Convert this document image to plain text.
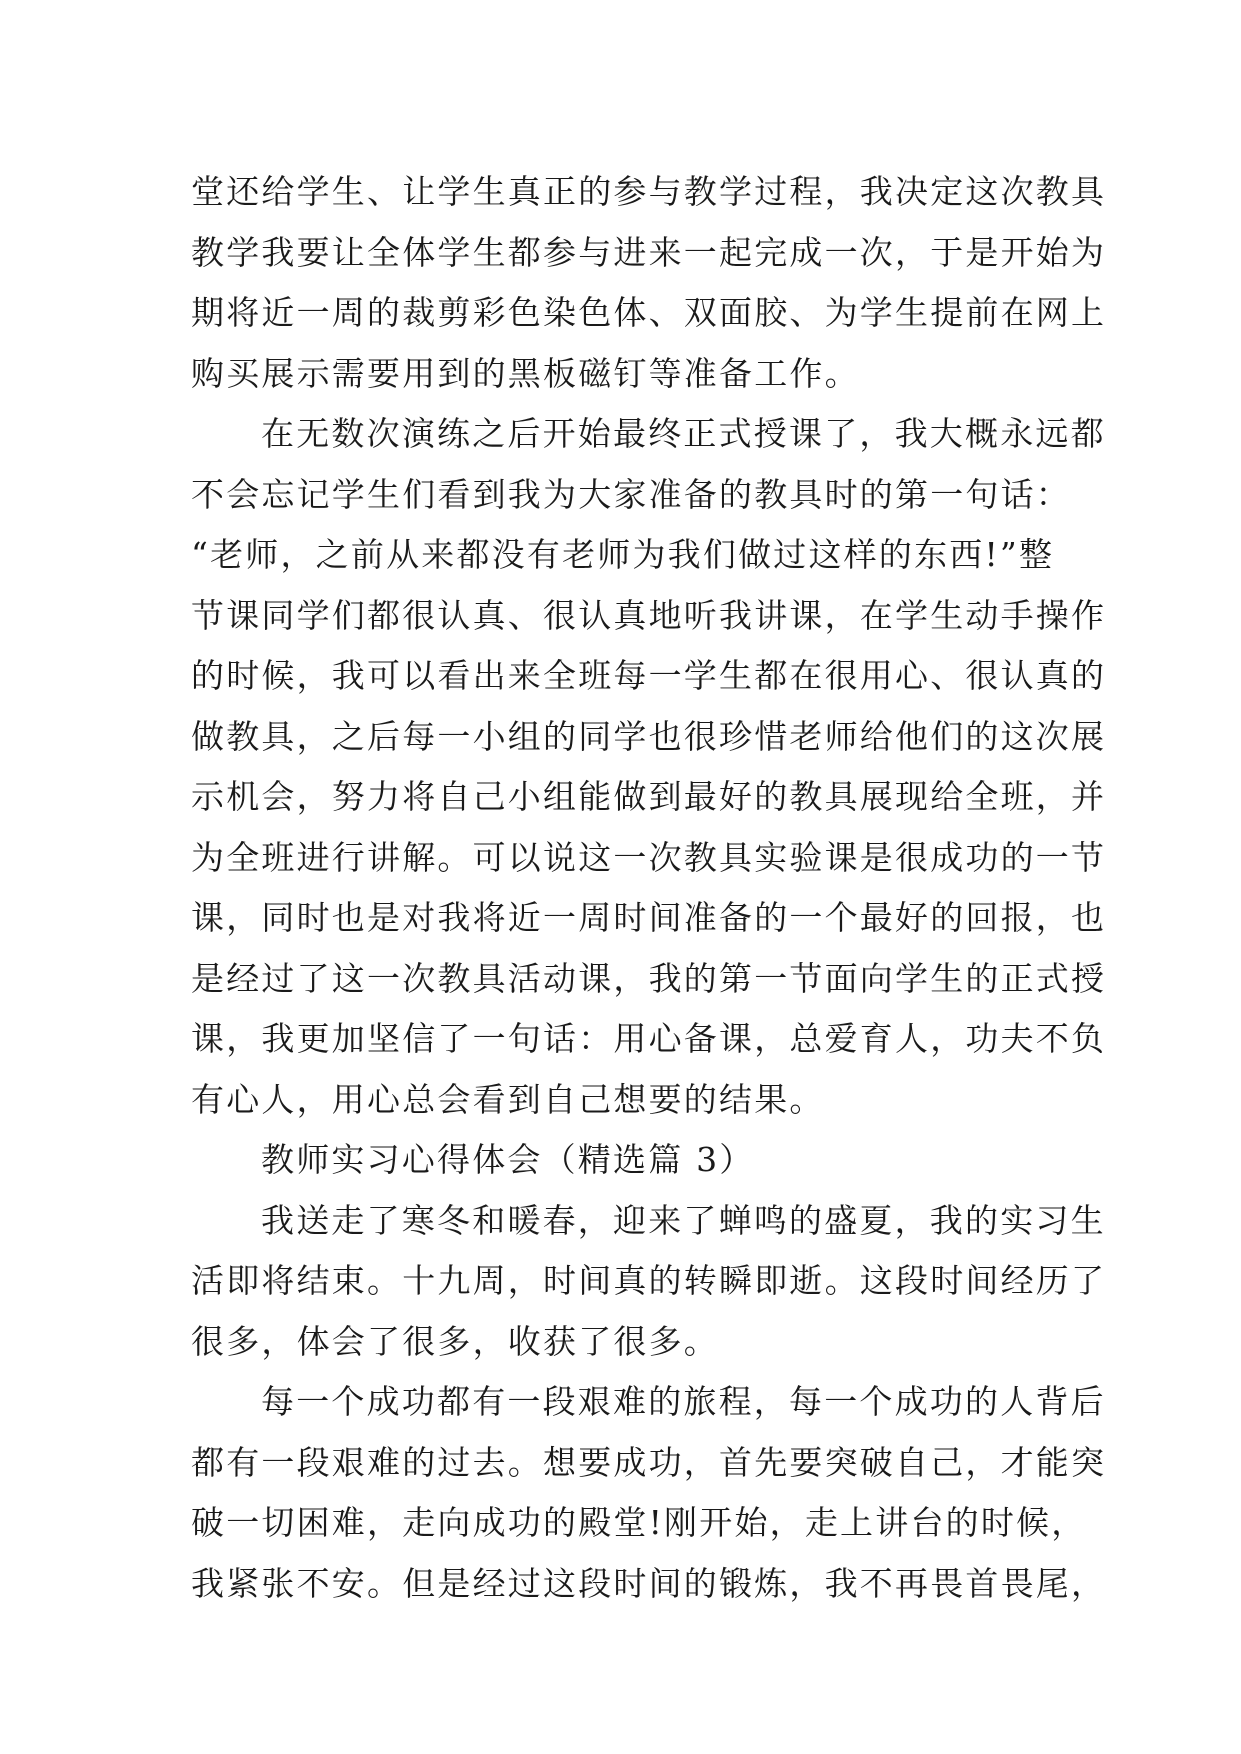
堂还给学生、让学生真正的参与教学过程，我决定这次教具
教学我要让全体学生都参与进来一起完成一次，于是开始为
期将近一周的裁剪彩色染色体、双面胶、为学生提前在网上
购买展示需要用到的黑板磁钉等准备工作。
在无数次演练之后开始最终正式授课了，我大概永远都
不会忘记学生们看到我为大家准备的教具时的第一句话：
“老师，之前从来都没有老师为我们做过这样的东西!”整
节课同学们都很认真、很认真地听我讲课，在学生动手操作
的时候，我可以看出来全班每一学生都在很用心、很认真的
做教具，之后每一小组的同学也很珍惜老师给他们的这次展
示机会，努力将自己小组能做到最好的教具展现给全班，并
为全班进行讲解。可以说这一次教具实验课是很成功的一节
课，同时也是对我将近一周时间准备的一个最好的回报，也
是经过了这一次教具活动课，我的第一节面向学生的正式授
课，我更加坚信了一句话：用心备课，总爱育人，功夫不负
有心人，用心总会看到自己想要的结果。
教师实习心得体会（精选篇 3）
我送走了寒冬和暖春，迎来了蝉鸣的盛夏，我的实习生
活即将结束。十九周，时间真的转瞬即逝。这段时间经历了
很多，体会了很多，收获了很多。
每一个成功都有一段艰难的旅程，每一个成功的人背后
都有一段艰难的过去。想要成功，首先要突破自己，才能突
破一切困难，走向成功的殿堂!刚开始，走上讲台的时候，
我紧张不安。但是经过这段时间的锻炼，我不再畏首畏尾，
